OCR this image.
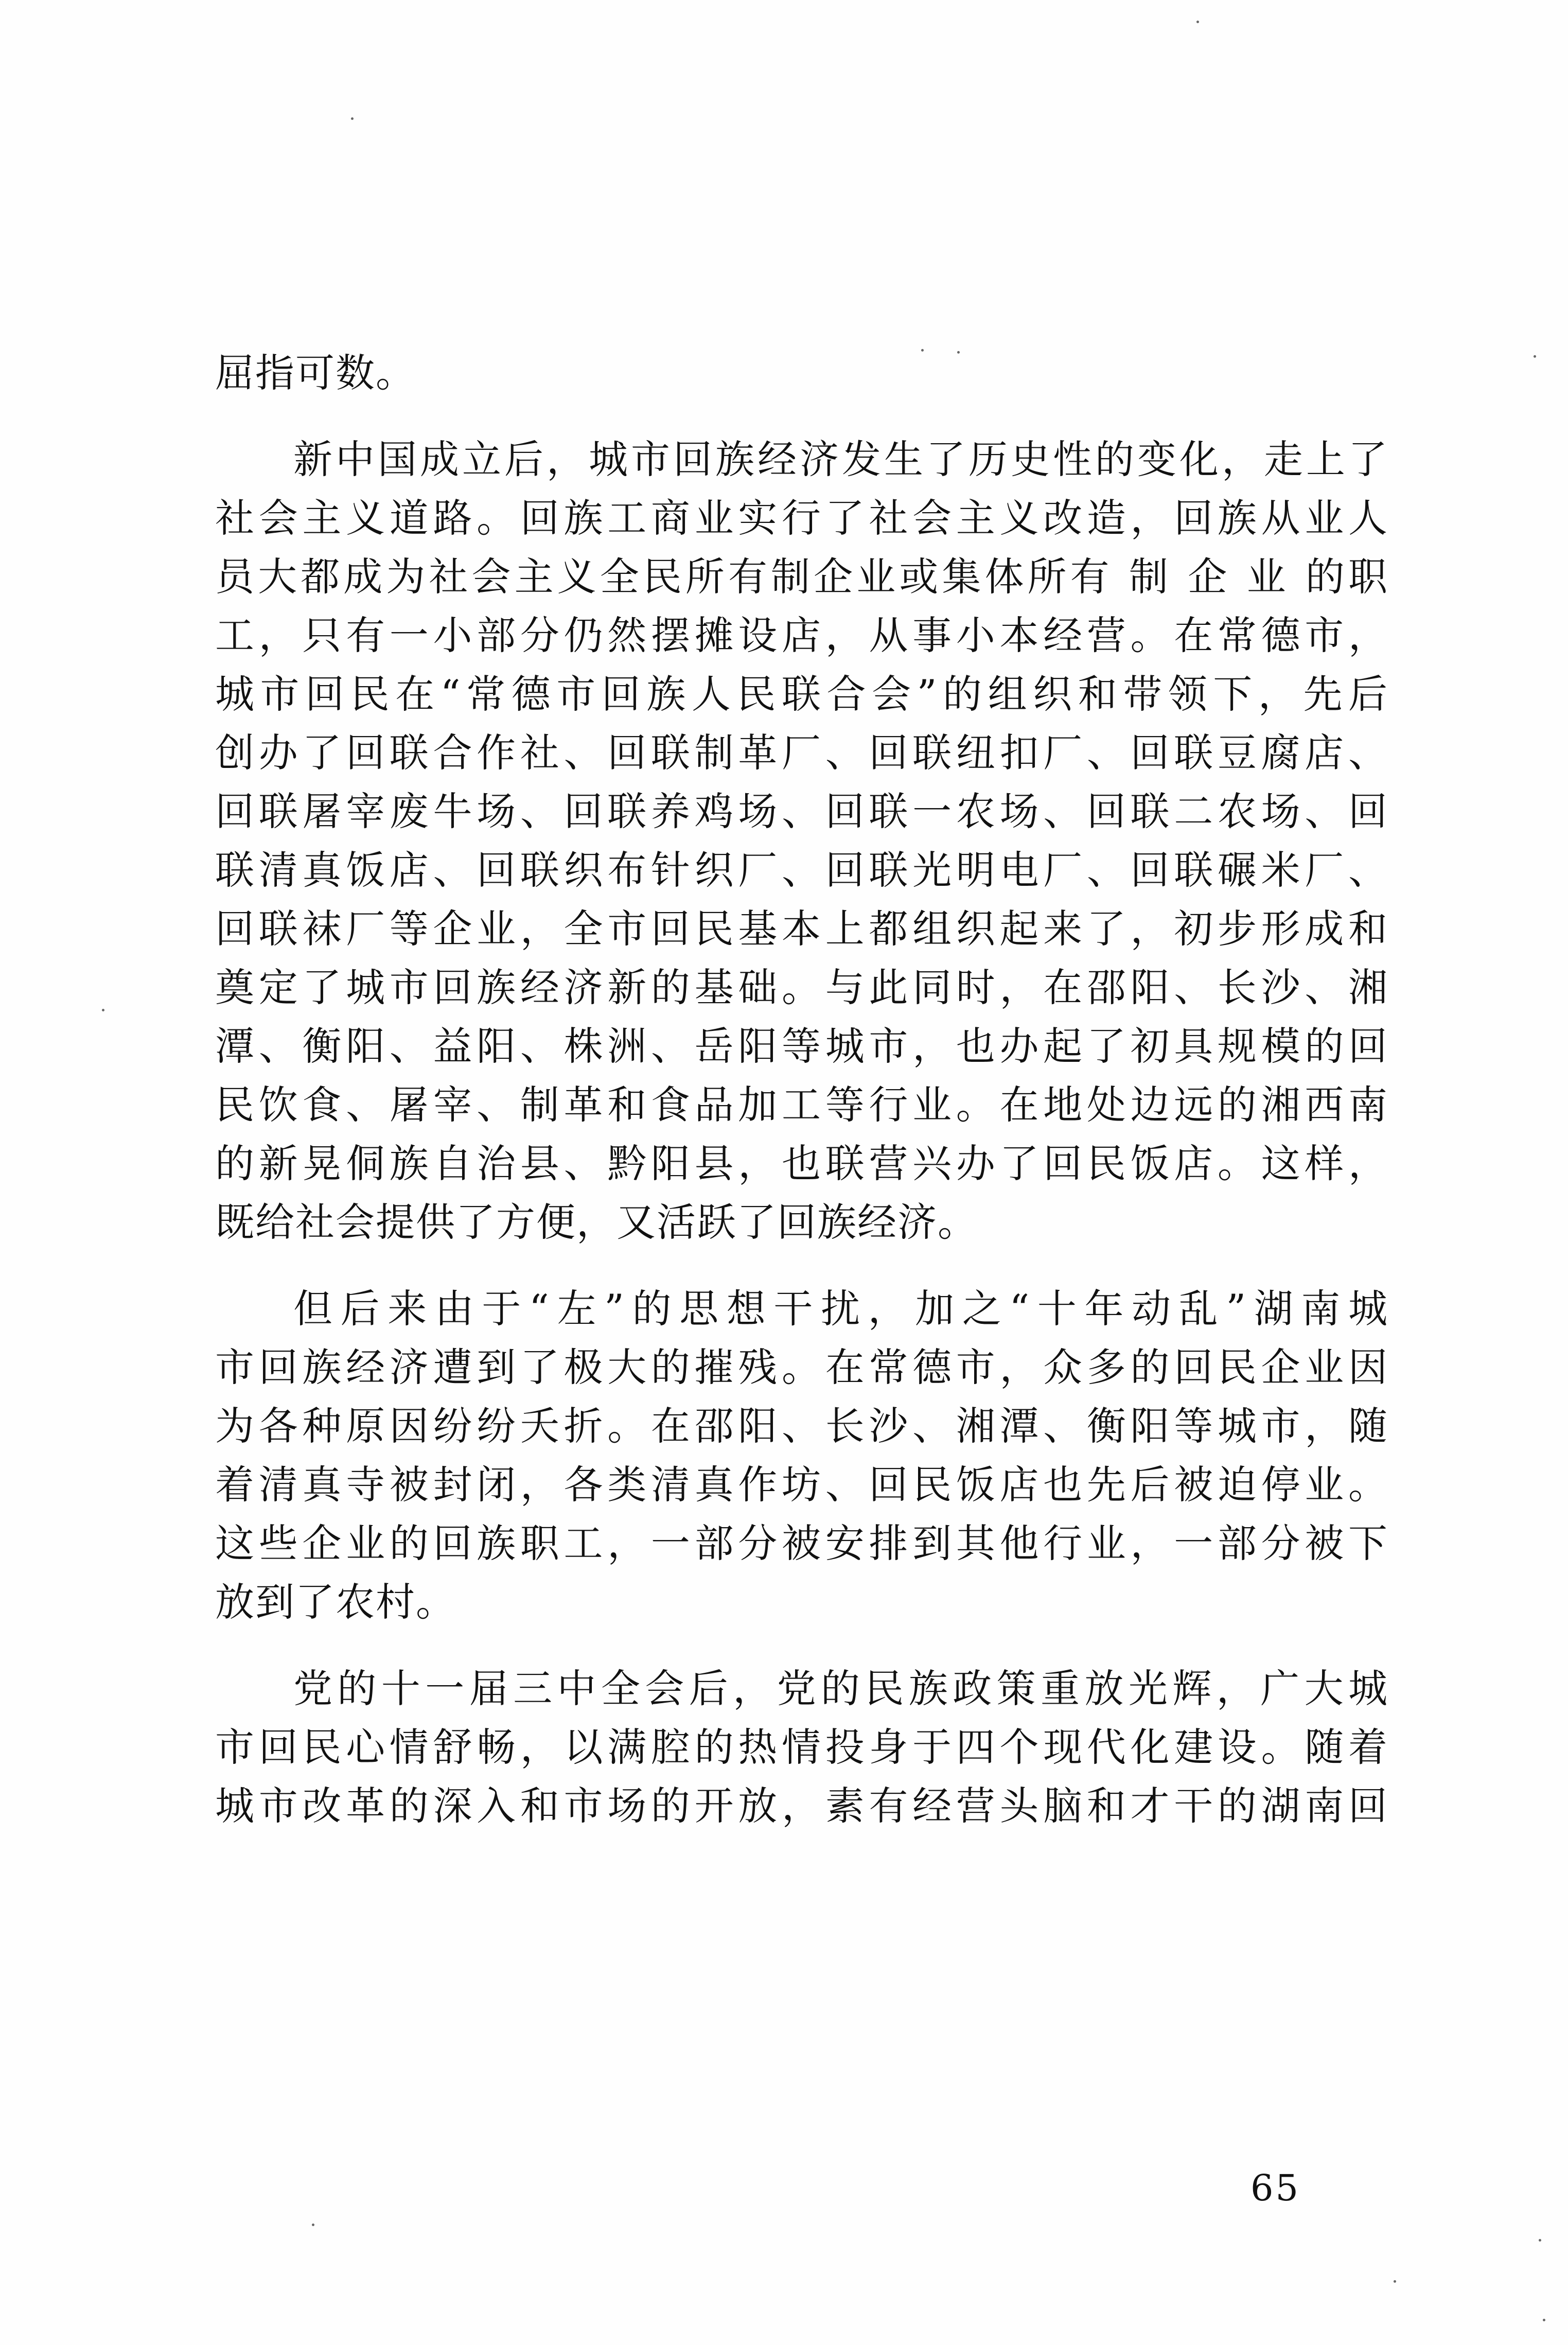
屈指可数。
新中国成立后，城市回族经济发生了历史性的变化，走上了
社会主义道路。回族工商业实行了社会主义改造，回族从业人
员大都成为社会主义全民所有制企业或集体所有 制 企 业 的职
工，只有一小部分仍然摆摊设店，从事小本经营。在常德市，
城市回民在“常德市回族人民联合会”的组织和带领下，先后
创办了回联合作社、回联制革厂、回联纽扣厂、回联豆腐店、
回联屠宰废牛场、回联养鸡场、回联一农场、回联二农场、回
联清真饭店、回联织布针织厂、回联光明电厂、回联碾米厂、
回联袜厂等企业，全市回民基本上都组织起来了，初步形成和
奠定了城市回族经济新的基础。与此同时，在邵阳、长沙、湘
潭、衡阳、益阳、株洲、岳阳等城市，也办起了初具规模的回
民饮食、屠宰、制革和食品加工等行业。在地处边远的湘西南
的新晃侗族自治县、黔阳县，也联营兴办了回民饭店。这样，
既给社会提供了方便，又活跃了回族经济。
但后来由于“左”的思想干扰，加之“十年动乱”湖南城
市回族经济遭到了极大的摧残。在常德市，众多的回民企业因
为各种原因纷纷夭折。在邵阳、长沙、湘潭、衡阳等城市，随
着清真寺被封闭，各类清真作坊、回民饭店也先后被迫停业。
这些企业的回族职工，一部分被安排到其他行业，一部分被下
放到了农村。
党的十一届三中全会后，党的民族政策重放光辉，广大城
市回民心情舒畅，以满腔的热情投身于四个现代化建设。随着
城市改革的深入和市场的开放，素有经营头脑和才干的湖南回
65
